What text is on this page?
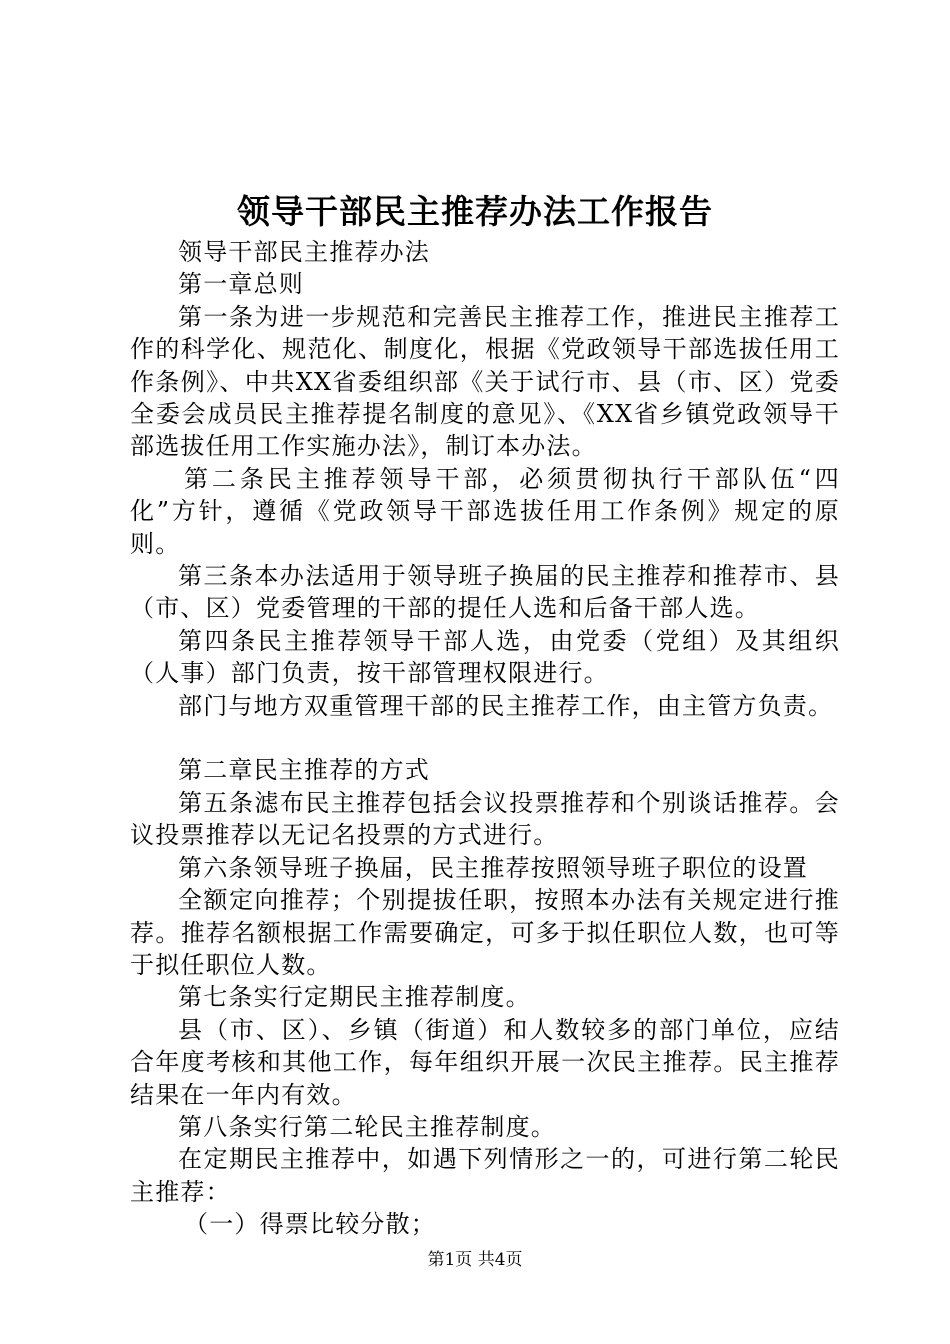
领导干部民主推荐办法工作报告

领导干部民主推荐办法

第一章总则

第一条为进一步规范和完善民主推荐工作，推进民主推荐工作的科学化、规范化、制度化，根据《党政领导干部选拔任用工作条例》、中共XX省委组织部《关于试行市、县（市、区）党委全委会成员民主推荐提名制度的意见》、《XX省乡镇党政领导干部选拔任用工作实施办法》，制订本办法。

第二条民主推荐领导干部，必须贯彻执行干部队伍“四化”方针，遵循《党政领导干部选拔任用工作条例》规定的原则。

第三条本办法适用于领导班子换届的民主推荐和推荐市、县（市、区）党委管理的干部的提任人选和后备干部人选。

第四条民主推荐领导干部人选，由党委（党组）及其组织（人事）部门负责，按干部管理权限进行。

部门与地方双重管理干部的民主推荐工作，由主管方负责。

第二章民主推荐的方式

第五条滤布民主推荐包括会议投票推荐和个别谈话推荐。会议投票推荐以无记名投票的方式进行。

第六条领导班子换届，民主推荐按照领导班子职位的设置

全额定向推荐；个别提拔任职，按照本办法有关规定进行推荐。推荐名额根据工作需要确定，可多于拟任职位人数，也可等于拟任职位人数。

第七条实行定期民主推荐制度。

县（市、区）、乡镇（街道）和人数较多的部门单位，应结合年度考核和其他工作，每年组织开展一次民主推荐。民主推荐结果在一年内有效。

第八条实行第二轮民主推荐制度。

在定期民主推荐中，如遇下列情形之一的，可进行第二轮民主推荐：

（一）得票比较分散；

第1页 共4页
